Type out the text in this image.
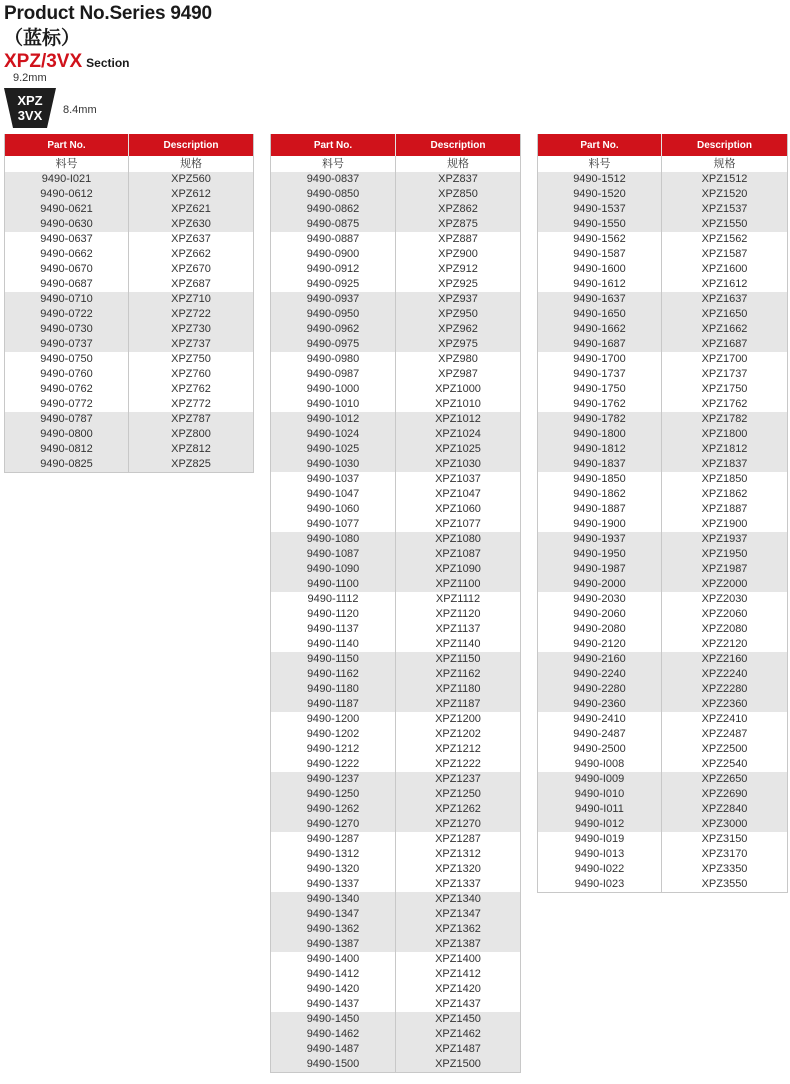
Product No.Series 9490
（蓝标）
XPZ/3VX Section
9.2mm
XPZ
3VX 8.4mm
Part No.	Description
料号	规格
9490-I021	XPZ560
9490-0612	XPZ612
9490-0621	XPZ621
9490-0630	XPZ630
9490-0637	XPZ637
9490-0662	XPZ662
9490-0670	XPZ670
9490-0687	XPZ687
9490-0710	XPZ710
9490-0722	XPZ722
9490-0730	XPZ730
9490-0737	XPZ737
9490-0750	XPZ750
9490-0760	XPZ760
9490-0762	XPZ762
9490-0772	XPZ772
9490-0787	XPZ787
9490-0800	XPZ800
9490-0812	XPZ812
9490-0825	XPZ825
Part No.	Description
料号	规格
9490-0837	XPZ837
9490-0850	XPZ850
9490-0862	XPZ862
9490-0875	XPZ875
9490-0887	XPZ887
9490-0900	XPZ900
9490-0912	XPZ912
9490-0925	XPZ925
9490-0937	XPZ937
9490-0950	XPZ950
9490-0962	XPZ962
9490-0975	XPZ975
9490-0980	XPZ980
9490-0987	XPZ987
9490-1000	XPZ1000
9490-1010	XPZ1010
9490-1012	XPZ1012
9490-1024	XPZ1024
9490-1025	XPZ1025
9490-1030	XPZ1030
9490-1037	XPZ1037
9490-1047	XPZ1047
9490-1060	XPZ1060
9490-1077	XPZ1077
9490-1080	XPZ1080
9490-1087	XPZ1087
9490-1090	XPZ1090
9490-1100	XPZ1100
9490-1112	XPZ1112
9490-1120	XPZ1120
9490-1137	XPZ1137
9490-1140	XPZ1140
9490-1150	XPZ1150
9490-1162	XPZ1162
9490-1180	XPZ1180
9490-1187	XPZ1187
9490-1200	XPZ1200
9490-1202	XPZ1202
9490-1212	XPZ1212
9490-1222	XPZ1222
9490-1237	XPZ1237
9490-1250	XPZ1250
9490-1262	XPZ1262
9490-1270	XPZ1270
9490-1287	XPZ1287
9490-1312	XPZ1312
9490-1320	XPZ1320
9490-1337	XPZ1337
9490-1340	XPZ1340
9490-1347	XPZ1347
9490-1362	XPZ1362
9490-1387	XPZ1387
9490-1400	XPZ1400
9490-1412	XPZ1412
9490-1420	XPZ1420
9490-1437	XPZ1437
9490-1450	XPZ1450
9490-1462	XPZ1462
9490-1487	XPZ1487
9490-1500	XPZ1500
Part No.	Description
料号	规格
9490-1512	XPZ1512
9490-1520	XPZ1520
9490-1537	XPZ1537
9490-1550	XPZ1550
9490-1562	XPZ1562
9490-1587	XPZ1587
9490-1600	XPZ1600
9490-1612	XPZ1612
9490-1637	XPZ1637
9490-1650	XPZ1650
9490-1662	XPZ1662
9490-1687	XPZ1687
9490-1700	XPZ1700
9490-1737	XPZ1737
9490-1750	XPZ1750
9490-1762	XPZ1762
9490-1782	XPZ1782
9490-1800	XPZ1800
9490-1812	XPZ1812
9490-1837	XPZ1837
9490-1850	XPZ1850
9490-1862	XPZ1862
9490-1887	XPZ1887
9490-1900	XPZ1900
9490-1937	XPZ1937
9490-1950	XPZ1950
9490-1987	XPZ1987
9490-2000	XPZ2000
9490-2030	XPZ2030
9490-2060	XPZ2060
9490-2080	XPZ2080
9490-2120	XPZ2120
9490-2160	XPZ2160
9490-2240	XPZ2240
9490-2280	XPZ2280
9490-2360	XPZ2360
9490-2410	XPZ2410
9490-2487	XPZ2487
9490-2500	XPZ2500
9490-I008	XPZ2540
9490-I009	XPZ2650
9490-I010	XPZ2690
9490-I011	XPZ2840
9490-I012	XPZ3000
9490-I019	XPZ3150
9490-I013	XPZ3170
9490-I022	XPZ3350
9490-I023	XPZ3550
